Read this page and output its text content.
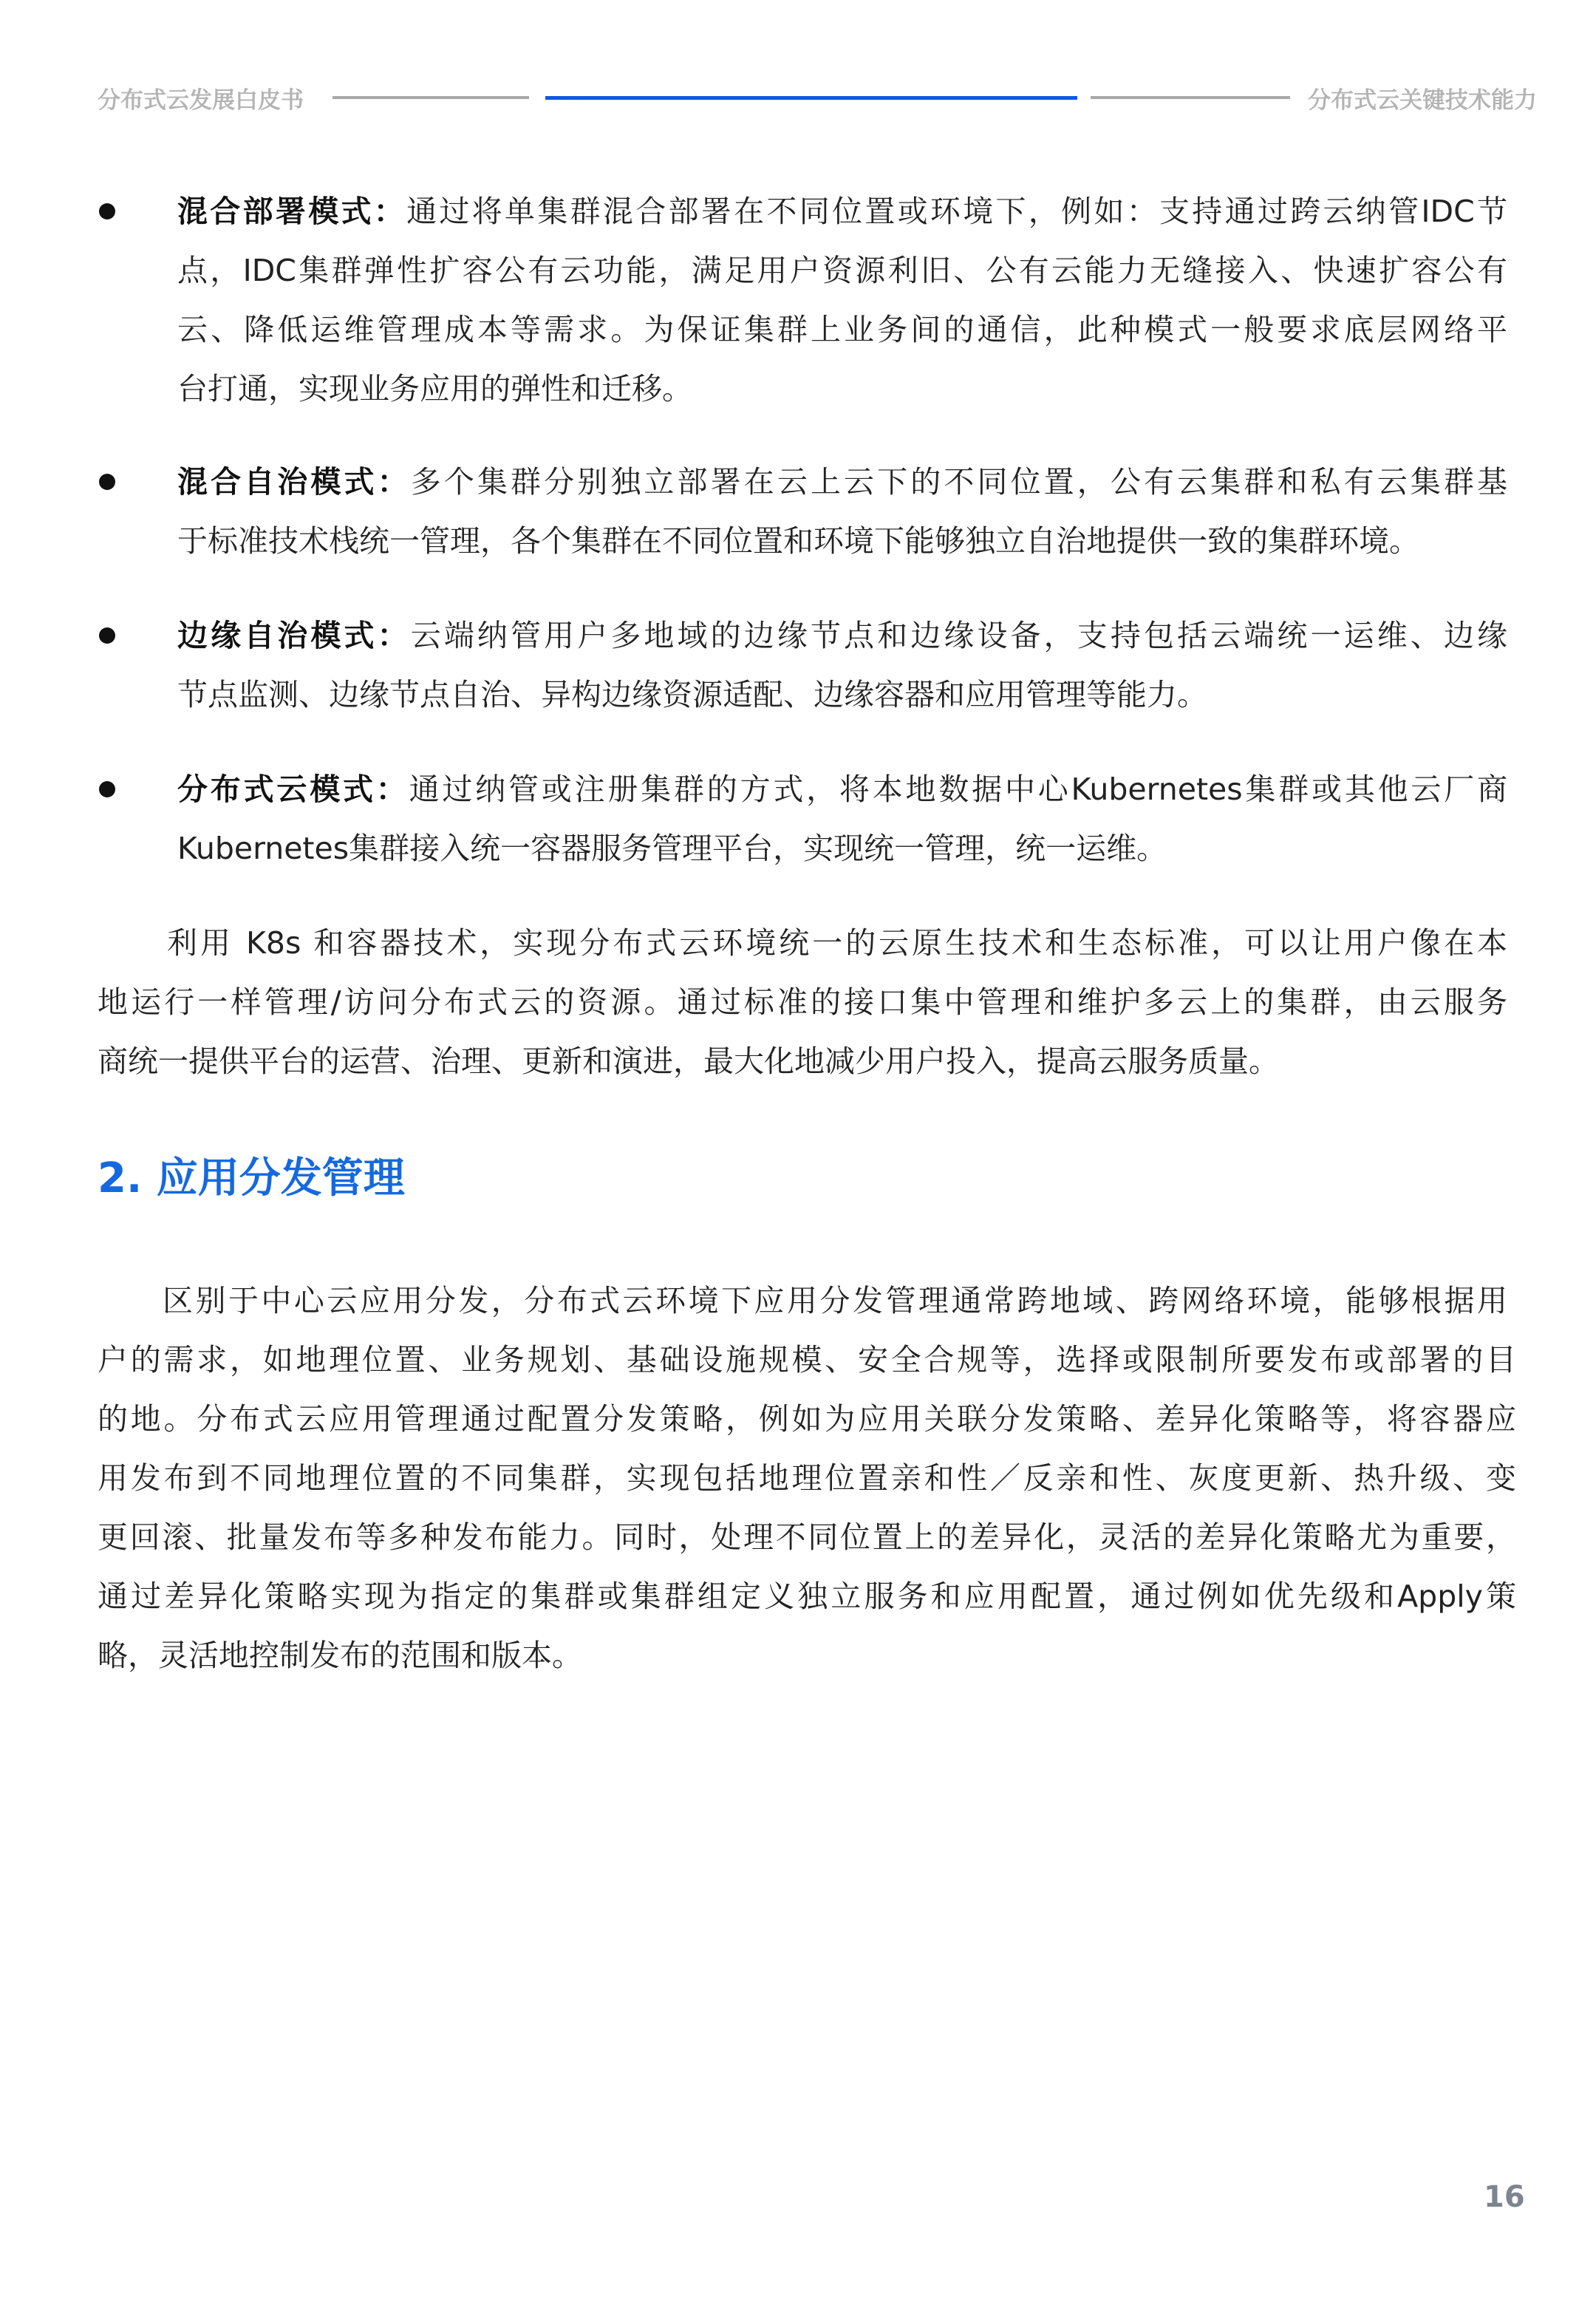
分布式云发展白皮书	分布式云关键技术能力
混合部署模式：通过将单集群混合部署在不同位置或环境下，例如：支持通过跨云纳管IDC节
点，IDC集群弹性扩容公有云功能，满足用户资源利旧、公有云能力无缝接入、快速扩容公有
云、降低运维管理成本等需求。为保证集群上业务间的通信，此种模式一般要求底层网络平
台打通，实现业务应用的弹性和迁移。
混合自治模式：多个集群分别独立部署在云上云下的不同位置，公有云集群和私有云集群基
于标准技术栈统一管理，各个集群在不同位置和环境下能够独立自治地提供一致的集群环境。
边缘自治模式：云端纳管用户多地域的边缘节点和边缘设备，支持包括云端统一运维、边缘
节点监测、边缘节点自治、异构边缘资源适配、边缘容器和应用管理等能力。
分布式云模式：通过纳管或注册集群的方式，将本地数据中心Kubernetes集群或其他云厂商
Kubernetes集群接入统一容器服务管理平台，实现统一管理，统一运维。
利用 K8s 和容器技术，实现分布式云环境统一的云原生技术和生态标准，可以让用户像在本
地运行一样管理/访问分布式云的资源。通过标准的接口集中管理和维护多云上的集群，由云服务
商统一提供平台的运营、治理、更新和演进，最大化地减少用户投入，提高云服务质量。
区别于中心云应用分发，分布式云环境下应用分发管理通常跨地域、跨网络环境，能够根据用
户的需求，如地理位置、业务规划、基础设施规模、安全合规等，选择或限制所要发布或部署的目
的地。分布式云应用管理通过配置分发策略，例如为应用关联分发策略、差异化策略等，将容器应
用发布到不同地理位置的不同集群，实现包括地理位置亲和性／反亲和性、灰度更新、热升级、变
更回滚、批量发布等多种发布能力。同时，处理不同位置上的差异化，灵活的差异化策略尤为重要，
通过差异化策略实现为指定的集群或集群组定义独立服务和应用配置，通过例如优先级和Apply策
略，灵活地控制发布的范围和版本。
2. 应用分发管理
16
